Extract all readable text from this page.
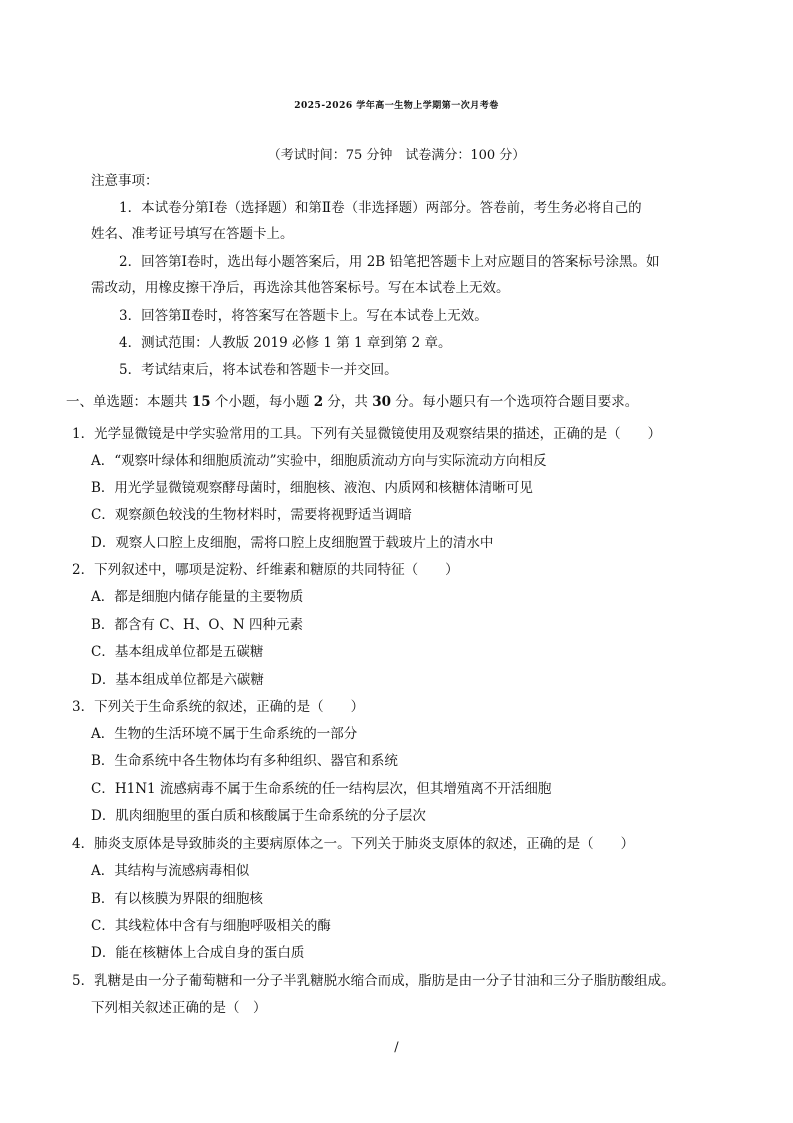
2025-2026 学年高一生物上学期第一次月考卷
（考试时间：75 分钟　试卷满分：100 分）
注意事项：
1．本试卷分第Ⅰ卷（选择题）和第Ⅱ卷（非选择题）两部分。答卷前，考生务必将自己的
姓名、准考证号填写在答题卡上。
2．回答第Ⅰ卷时，选出每小题答案后，用 2B 铅笔把答题卡上对应题目的答案标号涂黑。如
需改动，用橡皮擦干净后，再选涂其他答案标号。写在本试卷上无效。
3．回答第Ⅱ卷时，将答案写在答题卡上。写在本试卷上无效。
4．测试范围：人教版 2019 必修 1 第 1 章到第 2 章。
5．考试结束后，将本试卷和答题卡一并交回。
一、单选题：本题共 15 个小题，每小题 2 分，共 30 分。每小题只有一个选项符合题目要求。
1．光学显微镜是中学实验常用的工具。下列有关显微镜使用及观察结果的描述，正确的是（　　）
A．“观察叶绿体和细胞质流动”实验中，细胞质流动方向与实际流动方向相反
B．用光学显微镜观察酵母菌时，细胞核、液泡、内质网和核糖体清晰可见
C．观察颜色较浅的生物材料时，需要将视野适当调暗
D．观察人口腔上皮细胞，需将口腔上皮细胞置于载玻片上的清水中
2．下列叙述中，哪项是淀粉、纤维素和糖原的共同特征（　　）
A．都是细胞内储存能量的主要物质
B．都含有 C、H、O、N 四种元素
C．基本组成单位都是五碳糖
D．基本组成单位都是六碳糖
3．下列关于生命系统的叙述，正确的是（　　）
A．生物的生活环境不属于生命系统的一部分
B．生命系统中各生物体均有多种组织、器官和系统
C．H1N1 流感病毒不属于生命系统的任一结构层次，但其增殖离不开活细胞
D．肌肉细胞里的蛋白质和核酸属于生命系统的分子层次
4．肺炎支原体是导致肺炎的主要病原体之一。下列关于肺炎支原体的叙述，正确的是（　　）
A．其结构与流感病毒相似
B．有以核膜为界限的细胞核
C．其线粒体中含有与细胞呼吸相关的酶
D．能在核糖体上合成自身的蛋白质
5．乳糖是由一分子葡萄糖和一分子半乳糖脱水缩合而成，脂肪是由一分子甘油和三分子脂肪酸组成。
下列相关叙述正确的是（　）
/
